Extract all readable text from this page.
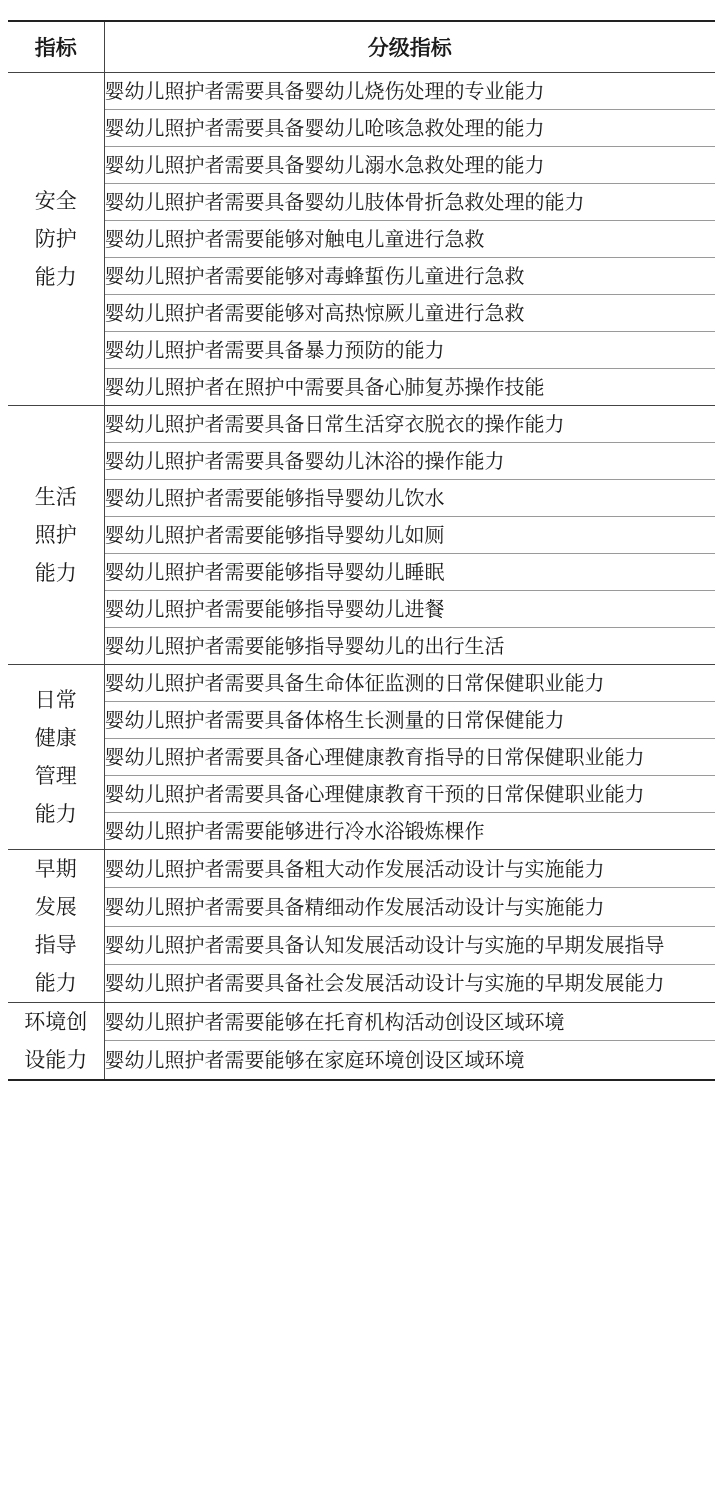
指标	分级指标

安全
防护
能力	婴幼儿照护者需要具备婴幼儿烧伤处理的专业能力
	婴幼儿照护者需要具备婴幼儿呛咳急救处理的能力
	婴幼儿照护者需要具备婴幼儿溺水急救处理的能力
	婴幼儿照护者需要具备婴幼儿肢体骨折急救处理的能力
	婴幼儿照护者需要能够对触电儿童进行急救
	婴幼儿照护者需要能够对毒蜂蜇伤儿童进行急救
	婴幼儿照护者需要能够对高热惊厥儿童进行急救
	婴幼儿照护者需要具备暴力预防的能力
	婴幼儿照护者在照护中需要具备心肺复苏操作技能

生活
照护
能力	婴幼儿照护者需要具备日常生活穿衣脱衣的操作能力
	婴幼儿照护者需要具备婴幼儿沐浴的操作能力
	婴幼儿照护者需要能够指导婴幼儿饮水
	婴幼儿照护者需要能够指导婴幼儿如厕
	婴幼儿照护者需要能够指导婴幼儿睡眠
	婴幼儿照护者需要能够指导婴幼儿进餐
	婴幼儿照护者需要能够指导婴幼儿的出行生活

日常
健康
管理
能力	婴幼儿照护者需要具备生命体征监测的日常保健职业能力
	婴幼儿照护者需要具备体格生长测量的日常保健能力
	婴幼儿照护者需要具备心理健康教育指导的日常保健职业能力
	婴幼儿照护者需要具备心理健康教育干预的日常保健职业能力
	婴幼儿照护者需要能够进行冷水浴锻炼棵作

早期
发展
指导
能力	婴幼儿照护者需要具备粗大动作发展活动设计与实施能力
	婴幼儿照护者需要具备精细动作发展活动设计与实施能力
	婴幼儿照护者需要具备认知发展活动设计与实施的早期发展指导
	婴幼儿照护者需要具备社会发展活动设计与实施的早期发展能力

环境创
设能力	婴幼儿照护者需要能够在托育机构活动创设区域环境
	婴幼儿照护者需要能够在家庭环境创设区域环境
